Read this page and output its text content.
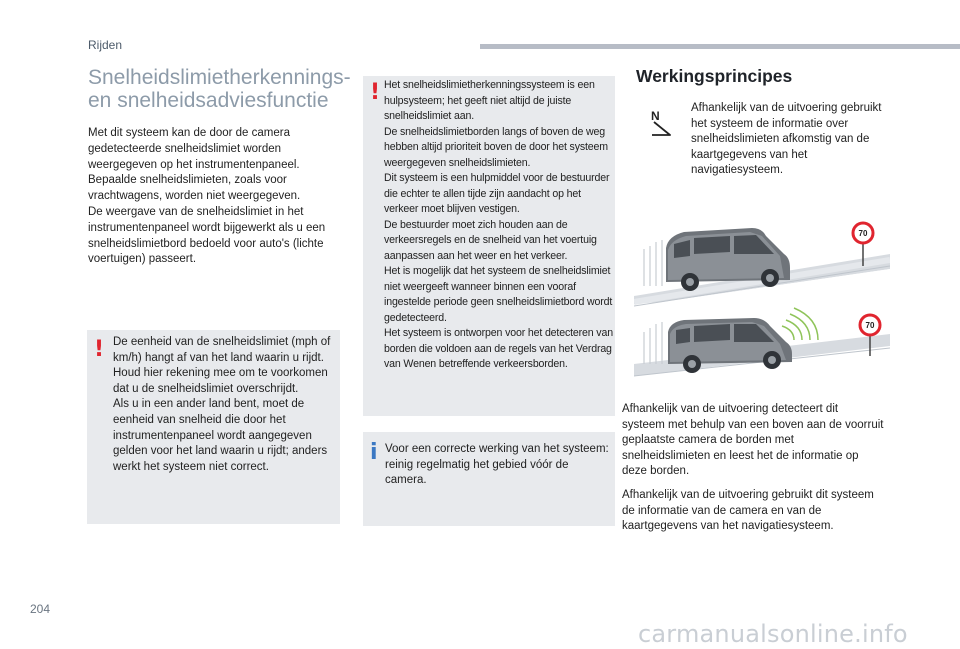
Rijden
Snelheidslimietherkennings-
en snelheidsadviesfunctie
Met dit systeem kan de door de camera gedetecteerde snelheidslimiet worden weergegeven op het instrumentenpaneel.
Bepaalde snelheidslimieten, zoals voor vrachtwagens, worden niet weergegeven.
De weergave van de snelheidslimiet in het instrumentenpaneel wordt bijgewerkt als u een snelheidslimietbord bedoeld voor auto's (lichte voertuigen) passeert.
! De eenheid van de snelheidslimiet (mph of km/h) hangt af van het land waarin u rijdt.
Houd hier rekening mee om te voorkomen dat u de snelheidslimiet overschrijdt.
Als u in een ander land bent, moet de eenheid van snelheid die door het instrumentenpaneel wordt aangegeven gelden voor het land waarin u rijdt; anders werkt het systeem niet correct.
! Het snelheidslimietherkenningssysteem is een hulpsysteem; het geeft niet altijd de juiste snelheidslimiet aan.
De snelheidslimietborden langs of boven de weg hebben altijd prioriteit boven de door het systeem weergegeven snelheidslimieten.
Dit systeem is een hulpmiddel voor de bestuurder die echter te allen tijde zijn aandacht op het verkeer moet blijven vestigen.
De bestuurder moet zich houden aan de verkeersregels en de snelheid van het voertuig aanpassen aan het weer en het verkeer.
Het is mogelijk dat het systeem de snelheidslimiet niet weergeeft wanneer binnen een vooraf ingestelde periode geen snelheidslimietbord wordt gedetecteerd.
Het systeem is ontworpen voor het detecteren van borden die voldoen aan de regels van het Verdrag van Wenen betreffende verkeersborden.
i Voor een correcte werking van het systeem: reinig regelmatig het gebied vóór de camera.
Werkingsprincipes
N
Afhankelijk van de uitvoering gebruikt het systeem de informatie over snelheidslimieten afkomstig van de kaartgegevens van het navigatiesysteem.
70
70
Afhankelijk van de uitvoering detecteert dit systeem met behulp van een boven aan de voorruit geplaatste camera de borden met snelheidslimieten en leest het de informatie op deze borden.
Afhankelijk van de uitvoering gebruikt dit systeem de informatie van de camera en van de kaartgegevens van het navigatiesysteem.
204
carmanualsonline.info
